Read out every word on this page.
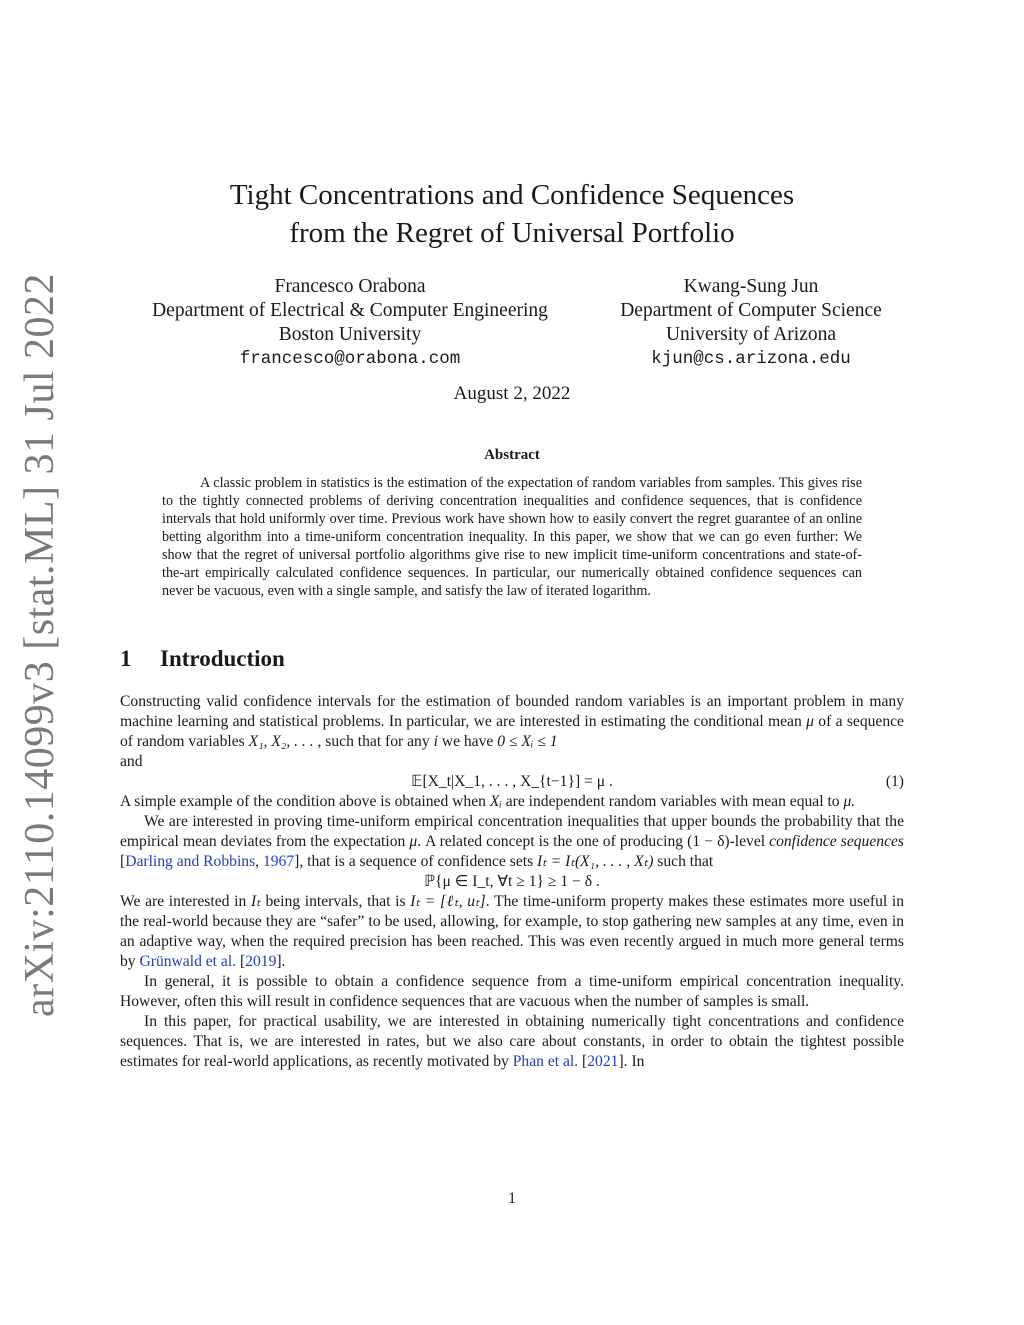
arXiv:2110.14099v3 [stat.ML] 31 Jul 2022
Tight Concentrations and Confidence Sequences
from the Regret of Universal Portfolio
Francesco Orabona
Department of Electrical & Computer Engineering
Boston University
francesco@orabona.com
Kwang-Sung Jun
Department of Computer Science
University of Arizona
kjun@cs.arizona.edu
August 2, 2022
Abstract
A classic problem in statistics is the estimation of the expectation of random variables from samples. This gives rise to the tightly connected problems of deriving concentration inequalities and confidence sequences, that is confidence intervals that hold uniformly over time. Previous work have shown how to easily convert the regret guarantee of an online betting algorithm into a time-uniform concentration inequality. In this paper, we show that we can go even further: We show that the regret of universal portfolio algorithms give rise to new implicit time-uniform concentrations and state-of-the-art empirically calculated confidence sequences. In particular, our numerically obtained confidence sequences can never be vacuous, even with a single sample, and satisfy the law of iterated logarithm.
1 Introduction

Constructing valid confidence intervals for the estimation of bounded random variables is an important problem in many machine learning and statistical problems. In particular, we are interested in estimating the conditional mean μ of a sequence of random variables X₁, X₂, . . . , such that for any i we have 0 ≤ Xᵢ ≤ 1
and

𝔼[X_t|X_1, . . . , X_{t−1}] = μ .	(1)

A simple example of the condition above is obtained when Xᵢ are independent random variables with mean equal to μ.

We are interested in proving time-uniform empirical concentration inequalities that upper bounds the probability that the empirical mean deviates from the expectation μ. A related concept is the one of producing (1 − δ)-level confidence sequences [Darling and Robbins, 1967], that is a sequence of confidence sets Iₜ = Iₜ(X₁, . . . , Xₜ) such that

ℙ{μ ∈ I_t, ∀t ≥ 1} ≥ 1 − δ .

We are interested in Iₜ being intervals, that is Iₜ = [ℓₜ, uₜ]. The time-uniform property makes these estimates more useful in the real-world because they are “safer” to be used, allowing, for example, to stop gathering new samples at any time, even in an adaptive way, when the required precision has been reached. This was even recently argued in much more general terms by Grünwald et al. [2019].

In general, it is possible to obtain a confidence sequence from a time-uniform empirical concentration inequality. However, often this will result in confidence sequences that are vacuous when the number of samples is small.

In this paper, for practical usability, we are interested in obtaining numerically tight concentrations and confidence sequences. That is, we are interested in rates, but we also care about constants, in order to obtain the tightest possible estimates for real-world applications, as recently motivated by Phan et al. [2021]. In

1
